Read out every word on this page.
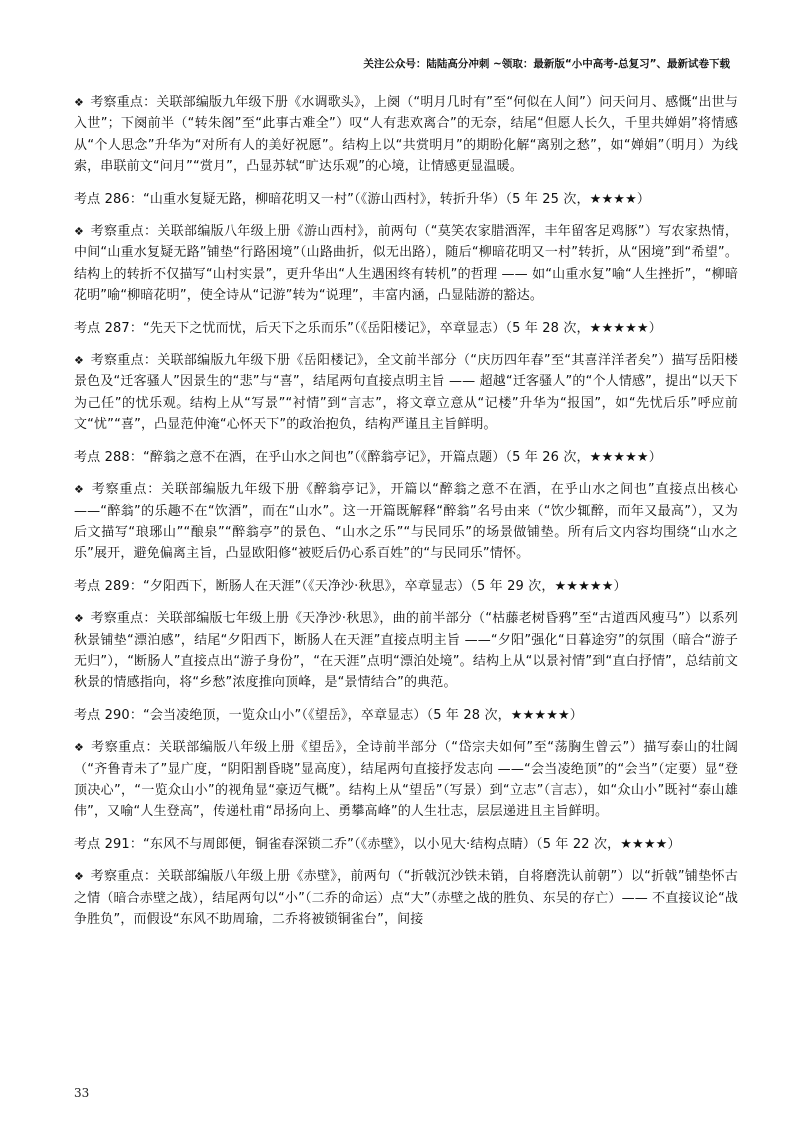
关注公众号：陆陆高分冲刺 ~领取：最新版“小中高考-总复习”、最新试卷下载

❖ 考察重点：关联部编版九年级下册《水调歌头》，上阕（“明月几时有”至“何似在人间”）问天问月、感慨“出世与入世”；下阕前半（“转朱阁”至“此事古难全”）叹“人有悲欢离合”的无奈，结尾“但愿人长久，千里共婵娟”将情感从“个人思念”升华为“对所有人的美好祝愿”。结构上以“共赏明月”的期盼化解“离别之愁”，如“婵娟”（明月）为线索，串联前文“问月”“赏月”，凸显苏轼“旷达乐观”的心境，让情感更显温暖。

考点 286：“山重水复疑无路，柳暗花明又一村”（《游山西村》，转折升华）（5 年 25 次，★★★★）

❖ 考察重点：关联部编版八年级上册《游山西村》，前两句（“莫笑农家腊酒浑，丰年留客足鸡豚”）写农家热情，中间“山重水复疑无路”铺垫“行路困境”（山路曲折，似无出路），随后“柳暗花明又一村”转折，从“困境”到“希望”。结构上的转折不仅描写“山村实景”，更升华出“人生遇困终有转机”的哲理 —— 如“山重水复”喻“人生挫折”，“柳暗花明”喻“柳暗花明”，使全诗从“记游”转为“说理”，丰富内涵，凸显陆游的豁达。

考点 287：“先天下之忧而忧，后天下之乐而乐”（《岳阳楼记》，卒章显志）（5 年 28 次，★★★★★）

❖ 考察重点：关联部编版九年级下册《岳阳楼记》，全文前半部分（“庆历四年春”至“其喜洋洋者矣”）描写岳阳楼景色及“迁客骚人”因景生的“悲”与“喜”，结尾两句直接点明主旨 —— 超越“迁客骚人”的“个人情感”，提出“以天下为己任”的忧乐观。结构上从“写景”“衬情”到“言志”，将文章立意从“记楼”升华为“报国”，如“先忧后乐”呼应前文“忧”“喜”，凸显范仲淹“心怀天下”的政治抱负，结构严谨且主旨鲜明。

考点 288：“醉翁之意不在酒，在乎山水之间也”（《醉翁亭记》，开篇点题）（5 年 26 次，★★★★★）

❖ 考察重点：关联部编版九年级下册《醉翁亭记》，开篇以“醉翁之意不在酒，在乎山水之间也”直接点出核心 ——“醉翁”的乐趣不在“饮酒”，而在“山水”。这一开篇既解释“醉翁”名号由来（“饮少辄醉，而年又最高”），又为后文描写“琅琊山”“酿泉”“醉翁亭”的景色、“山水之乐”“与民同乐”的场景做铺垫。所有后文内容均围绕“山水之乐”展开，避免偏离主旨，凸显欧阳修“被贬后仍心系百姓”的“与民同乐”情怀。

考点 289：“夕阳西下，断肠人在天涯”（《天净沙·秋思》，卒章显志）（5 年 29 次，★★★★★）

❖ 考察重点：关联部编版七年级上册《天净沙·秋思》，曲的前半部分（“枯藤老树昏鸦”至“古道西风瘦马”）以系列秋景铺垫“漂泊感”，结尾“夕阳西下，断肠人在天涯”直接点明主旨 ——“夕阳”强化“日暮途穷”的氛围（暗合“游子无归”），“断肠人”直接点出“游子身份”，“在天涯”点明“漂泊处境”。结构上从“以景衬情”到“直白抒情”，总结前文秋景的情感指向，将“乡愁”浓度推向顶峰，是“景情结合”的典范。

考点 290：“会当凌绝顶，一览众山小”（《望岳》，卒章显志）（5 年 28 次，★★★★★）

❖ 考察重点：关联部编版八年级上册《望岳》，全诗前半部分（“岱宗夫如何”至“荡胸生曾云”）描写泰山的壮阔（“齐鲁青未了”显广度，“阴阳割昏晓”显高度），结尾两句直接抒发志向 ——“会当凌绝顶”的“会当”（定要）显“登顶决心”，“一览众山小”的视角显“豪迈气概”。结构上从“望岳”（写景）到“立志”（言志），如“众山小”既衬“泰山雄伟”，又喻“人生登高”，传递杜甫“昂扬向上、勇攀高峰”的人生壮志，层层递进且主旨鲜明。

考点 291：“东风不与周郎便，铜雀春深锁二乔”（《赤壁》，以小见大·结构点睛）（5 年 22 次，★★★★）

❖ 考察重点：关联部编版八年级上册《赤壁》，前两句（“折戟沉沙铁未销，自将磨洗认前朝”）以“折戟”铺垫怀古之情（暗合赤壁之战），结尾两句以“小”（二乔的命运）点“大”（赤壁之战的胜负、东吴的存亡）—— 不直接议论“战争胜负”，而假设“东风不助周瑜，二乔将被锁铜雀台”，间接

33
